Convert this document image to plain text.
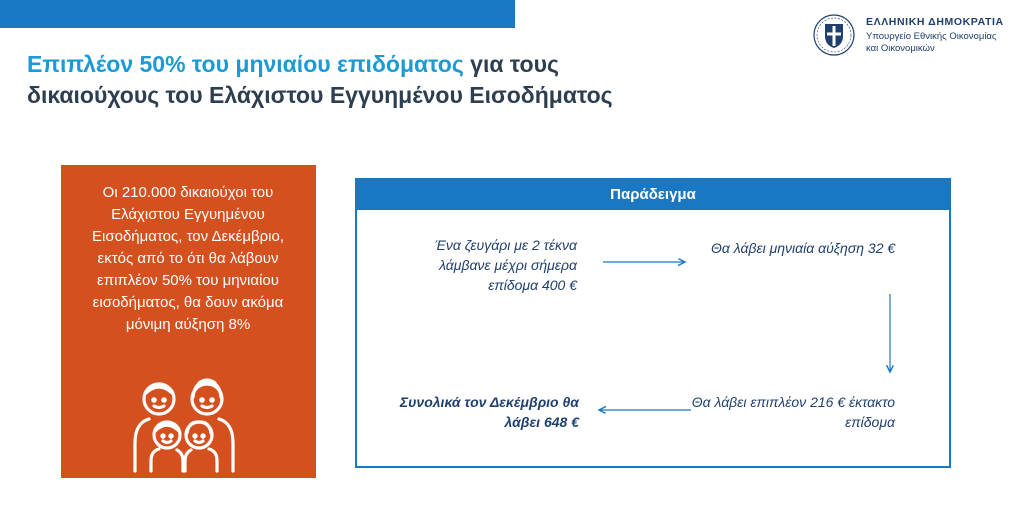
ΕΛΛΗΝΙΚΗ ΔΗΜΟΚΡΑΤΙΑ
Υπουργείο Εθνικής Οικονομίας
και Οικονομικών
Επιπλέον 50% του μηνιαίου επιδόματος για τους
δικαιούχους του Ελάχιστου Εγγυημένου Εισοδήματος
Οι 210.000 δικαιούχοι του Ελάχιστου Εγγυημένου Εισοδήματος, τον Δεκέμβριο, εκτός από το ότι θα λάβουν επιπλέον 50% του μηνιαίου εισοδήματος, θα δουν ακόμα μόνιμη αύξηση 8%
Παράδειγμα
Ένα ζευγάρι με 2 τέκνα λάμβανε μέχρι σήμερα επίδομα 400 €
Θα λάβει μηνιαία αύξηση 32 €
Θα λάβει επιπλέον 216 € έκτακτο επίδομα
Συνολικά τον Δεκέμβριο θα λάβει 648 €
